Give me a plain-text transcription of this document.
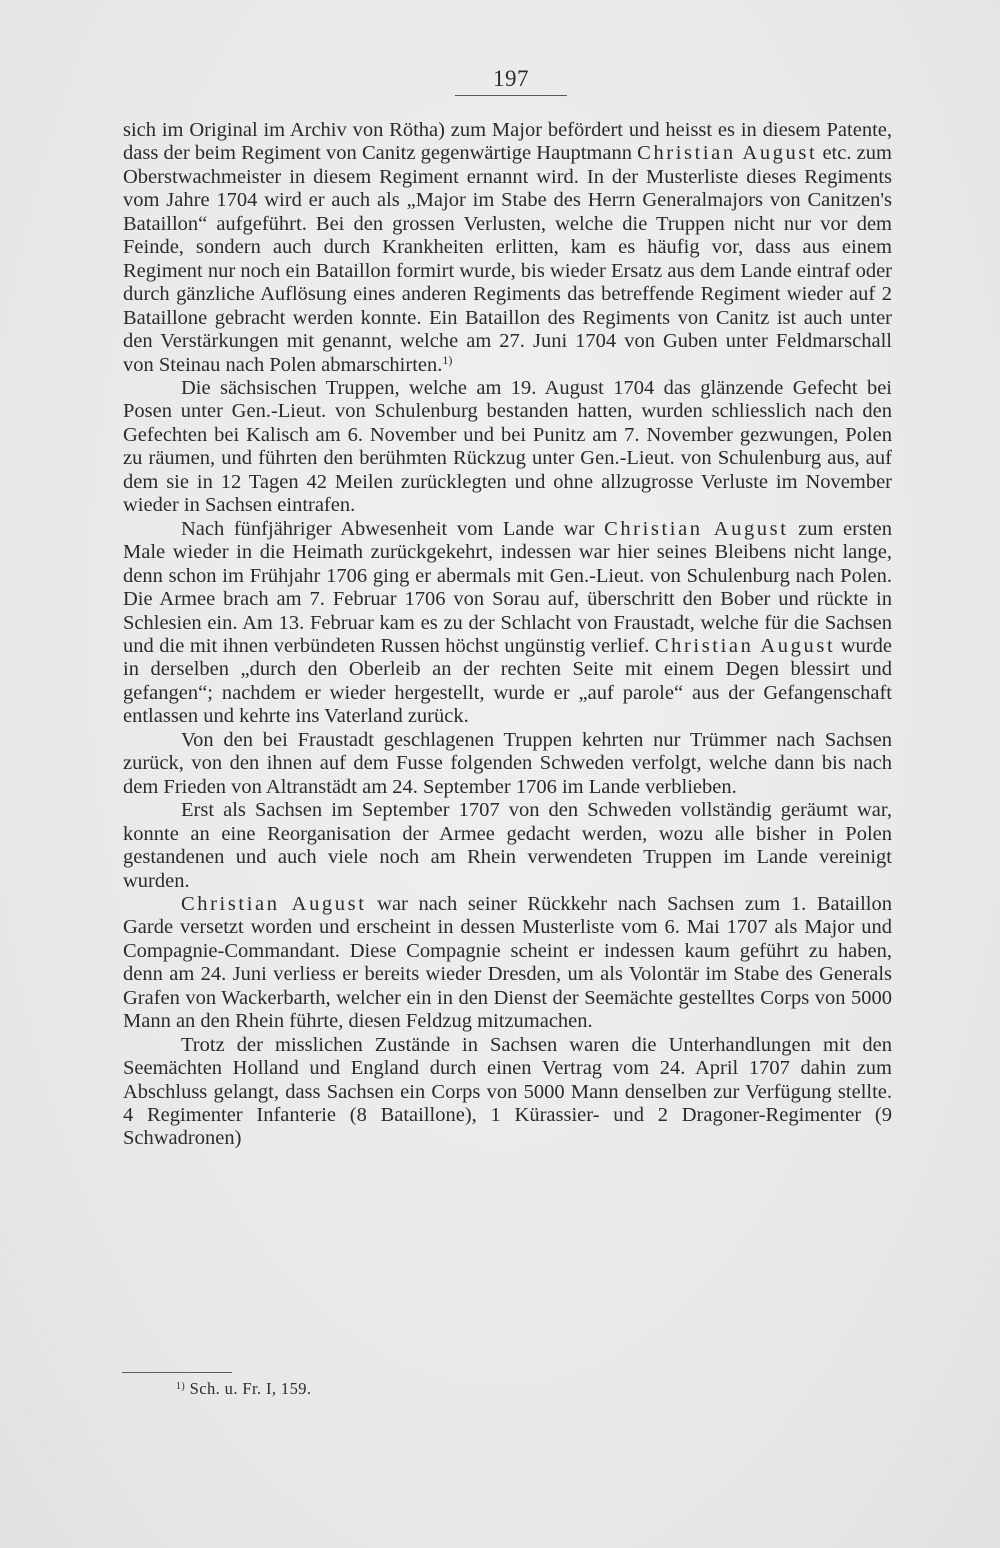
197

sich im Original im Archiv von Rötha) zum Major befördert und heisst es in diesem Patente, dass der beim Regiment von Canitz gegenwärtige Hauptmann Christian August etc. zum Oberstwachmeister in diesem Regiment ernannt wird. In der Musterliste dieses Regiments vom Jahre 1704 wird er auch als „Major im Stabe des Herrn Generalmajors von Canitzen's Bataillon“ aufgeführt. Bei den grossen Verlusten, welche die Truppen nicht nur vor dem Feinde, sondern auch durch Krankheiten erlitten, kam es häufig vor, dass aus einem Regiment nur noch ein Bataillon formirt wurde, bis wieder Ersatz aus dem Lande eintraf oder durch gänzliche Auflösung eines anderen Regiments das betreffende Regiment wieder auf 2 Bataillone gebracht werden konnte. Ein Bataillon des Regiments von Canitz ist auch unter den Verstärkungen mit genannt, welche am 27. Juni 1704 von Guben unter Feldmarschall von Steinau nach Polen abmarschirten.$^{1)}$

Die sächsischen Truppen, welche am 19. August 1704 das glänzende Gefecht bei Posen unter Gen.-Lieut. von Schulenburg bestanden hatten, wurden schliesslich nach den Gefechten bei Kalisch am 6. November und bei Punitz am 7. November gezwungen, Polen zu räumen, und führten den berühmten Rückzug unter Gen.-Lieut. von Schulenburg aus, auf dem sie in 12 Tagen 42 Meilen zurücklegten und ohne allzugrosse Verluste im November wieder in Sachsen eintrafen.

Nach fünfjähriger Abwesenheit vom Lande war Christian August zum ersten Male wieder in die Heimath zurückgekehrt, indessen war hier seines Bleibens nicht lange, denn schon im Frühjahr 1706 ging er abermals mit Gen.-Lieut. von Schulenburg nach Polen. Die Armee brach am 7. Februar 1706 von Sorau auf, überschritt den Bober und rückte in Schlesien ein. Am 13. Februar kam es zu der Schlacht von Fraustadt, welche für die Sachsen und die mit ihnen verbündeten Russen höchst ungünstig verlief. Christian August wurde in derselben „durch den Oberleib an der rechten Seite mit einem Degen blessirt und gefangen“; nachdem er wieder hergestellt, wurde er „auf parole“ aus der Gefangenschaft entlassen und kehrte ins Vaterland zurück.

Von den bei Fraustadt geschlagenen Truppen kehrten nur Trümmer nach Sachsen zurück, von den ihnen auf dem Fusse folgenden Schweden verfolgt, welche dann bis nach dem Frieden von Altranstädt am 24. September 1706 im Lande verblieben.

Erst als Sachsen im September 1707 von den Schweden vollständig geräumt war, konnte an eine Reorganisation der Armee gedacht werden, wozu alle bisher in Polen gestandenen und auch viele noch am Rhein verwendeten Truppen im Lande vereinigt wurden.

Christian August war nach seiner Rückkehr nach Sachsen zum 1. Bataillon Garde versetzt worden und erscheint in dessen Musterliste vom 6. Mai 1707 als Major und Compagnie-Commandant. Diese Compagnie scheint er indessen kaum geführt zu haben, denn am 24. Juni verliess er bereits wieder Dresden, um als Volontär im Stabe des Generals Grafen von Wackerbarth, welcher ein in den Dienst der Seemächte gestelltes Corps von 5000 Mann an den Rhein führte, diesen Feldzug mitzumachen.

Trotz der misslichen Zustände in Sachsen waren die Unterhandlungen mit den Seemächten Holland und England durch einen Vertrag vom 24. April 1707 dahin zum Abschluss gelangt, dass Sachsen ein Corps von 5000 Mann denselben zur Verfügung stellte. 4 Regimenter Infanterie (8 Bataillone), 1 Kürassier- und 2 Dragoner-Regimenter (9 Schwadronen)

$^{1)}$ Sch. u. Fr. I, 159.
